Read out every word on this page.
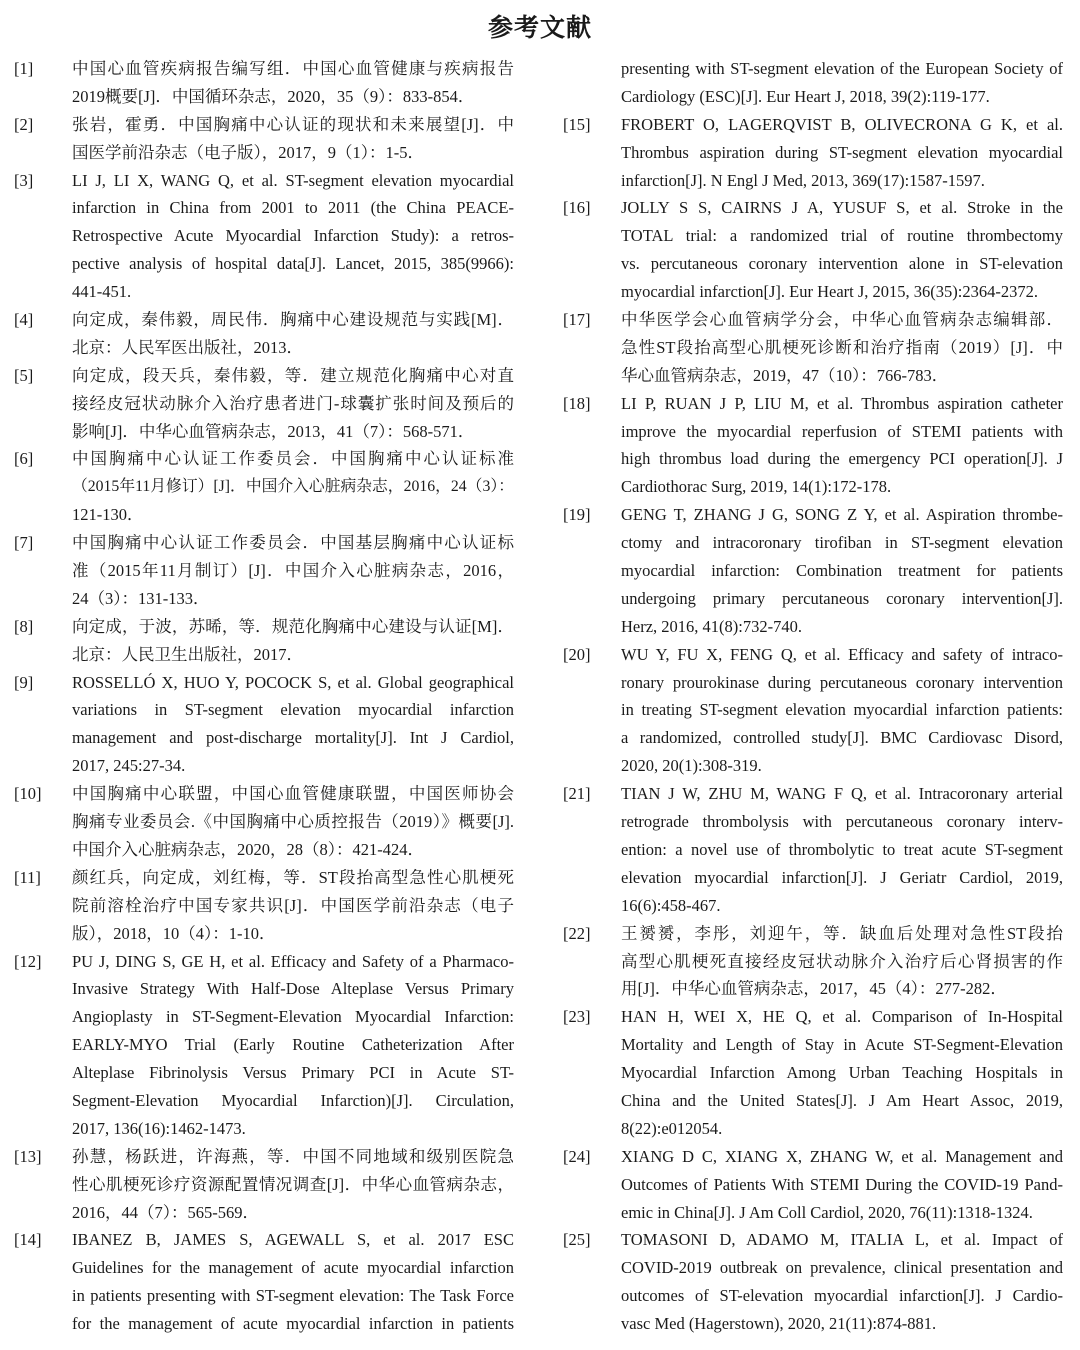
参考文献
[1] 中国心血管疾病报告编写组．中国心血管健康与疾病报告
2019概要[J]．中国循环杂志，2020，35（9）：833-854．
[2] 张岩，霍勇．中国胸痛中心认证的现状和未来展望[J]．中
国医学前沿杂志（电子版），2017，9（1）：1-5．
[3] LI J, LI X, WANG Q, et al. ST-segment elevation myocardial
infarction in China from 2001 to 2011 (the China PEACE-
Retrospective Acute Myocardial Infarction Study): a retros-
pective analysis of hospital data[J]. Lancet, 2015, 385(9966):
441-451.
[4] 向定成，秦伟毅，周民伟．胸痛中心建设规范与实践[M]．
北京：人民军医出版社，2013．
[5] 向定成，段天兵，秦伟毅，等．建立规范化胸痛中心对直
接经皮冠状动脉介入治疗患者进门-球囊扩张时间及预后的
影响[J]．中华心血管病杂志，2013，41（7）：568-571．
[6] 中国胸痛中心认证工作委员会．中国胸痛中心认证标准
（2015年11月修订）[J]．中国介入心脏病杂志，2016，24（3）：
121-130．
[7] 中国胸痛中心认证工作委员会．中国基层胸痛中心认证标
准（2015年11月制订）[J]．中国介入心脏病杂志，2016，
24（3）：131-133．
[8] 向定成，于波，苏晞，等．规范化胸痛中心建设与认证[M]．
北京：人民卫生出版社，2017．
[9] ROSSELLÓ X, HUO Y, POCOCK S, et al. Global geographical
variations in ST-segment elevation myocardial infarction
management and post-discharge mortality[J]. Int J Cardiol,
2017, 245:27-34.
[10] 中国胸痛中心联盟，中国心血管健康联盟，中国医师协会
胸痛专业委员会.《中国胸痛中心质控报告（2019）》概要[J].
中国介入心脏病杂志，2020，28（8）：421-424．
[11] 颜红兵，向定成，刘红梅，等．ST段抬高型急性心肌梗死
院前溶栓治疗中国专家共识[J]．中国医学前沿杂志（电子
版），2018，10（4）：1-10．
[12] PU J, DING S, GE H, et al. Efficacy and Safety of a Pharmaco-
Invasive Strategy With Half-Dose Alteplase Versus Primary
Angioplasty in ST-Segment-Elevation Myocardial Infarction:
EARLY-MYO Trial (Early Routine Catheterization After
Alteplase Fibrinolysis Versus Primary PCI in Acute ST-
Segment-Elevation Myocardial Infarction)[J]. Circulation,
2017, 136(16):1462-1473.
[13] 孙慧，杨跃进，许海燕，等．中国不同地域和级别医院急
性心肌梗死诊疗资源配置情况调查[J]．中华心血管病杂志，
2016，44（7）：565-569．
[14] IBANEZ B, JAMES S, AGEWALL S, et al. 2017 ESC
Guidelines for the management of acute myocardial infarction
in patients presenting with ST-segment elevation: The Task Force
for the management of acute myocardial infarction in patients
presenting with ST-segment elevation of the European Society of
Cardiology (ESC)[J]. Eur Heart J, 2018, 39(2):119-177.
[15] FROBERT O, LAGERQVIST B, OLIVECRONA G K, et al.
Thrombus aspiration during ST-segment elevation myocardial
infarction[J]. N Engl J Med, 2013, 369(17):1587-1597.
[16] JOLLY S S, CAIRNS J A, YUSUF S, et al. Stroke in the
TOTAL trial: a randomized trial of routine thrombectomy
vs. percutaneous coronary intervention alone in ST-elevation
myocardial infarction[J]. Eur Heart J, 2015, 36(35):2364-2372.
[17] 中华医学会心血管病学分会，中华心血管病杂志编辑部．
急性ST段抬高型心肌梗死诊断和治疗指南（2019）[J]．中
华心血管病杂志，2019，47（10）：766-783．
[18] LI P, RUAN J P, LIU M, et al. Thrombus aspiration catheter
improve the myocardial reperfusion of STEMI patients with
high thrombus load during the emergency PCI operation[J]. J
Cardiothorac Surg, 2019, 14(1):172-178.
[19] GENG T, ZHANG J G, SONG Z Y, et al. Aspiration thrombe-
ctomy and intracoronary tirofiban in ST-segment elevation
myocardial infarction: Combination treatment for patients
undergoing primary percutaneous coronary intervention[J].
Herz, 2016, 41(8):732-740.
[20] WU Y, FU X, FENG Q, et al. Efficacy and safety of intraco-
ronary prourokinase during percutaneous coronary intervention
in treating ST-segment elevation myocardial infarction patients:
a randomized, controlled study[J]. BMC Cardiovasc Disord,
2020, 20(1):308-319.
[21] TIAN J W, ZHU M, WANG F Q, et al. Intracoronary arterial
retrograde thrombolysis with percutaneous coronary interv-
ention: a novel use of thrombolytic to treat acute ST-segment
elevation myocardial infarction[J]. J Geriatr Cardiol, 2019,
16(6):458-467.
[22] 王赟赟，李彤，刘迎午，等．缺血后处理对急性ST段抬
高型心肌梗死直接经皮冠状动脉介入治疗后心肾损害的作
用[J]．中华心血管病杂志，2017，45（4）：277-282．
[23] HAN H, WEI X, HE Q, et al. Comparison of In-Hospital
Mortality and Length of Stay in Acute ST-Segment-Elevation
Myocardial Infarction Among Urban Teaching Hospitals in
China and the United States[J]. J Am Heart Assoc, 2019,
8(22):e012054.
[24] XIANG D C, XIANG X, ZHANG W, et al. Management and
Outcomes of Patients With STEMI During the COVID-19 Pand-
emic in China[J]. J Am Coll Cardiol, 2020, 76(11):1318-1324.
[25] TOMASONI D, ADAMO M, ITALIA L, et al. Impact of
COVID-2019 outbreak on prevalence, clinical presentation and
outcomes of ST-elevation myocardial infarction[J]. J Cardio-
vasc Med (Hagerstown), 2020, 21(11):874-881.
